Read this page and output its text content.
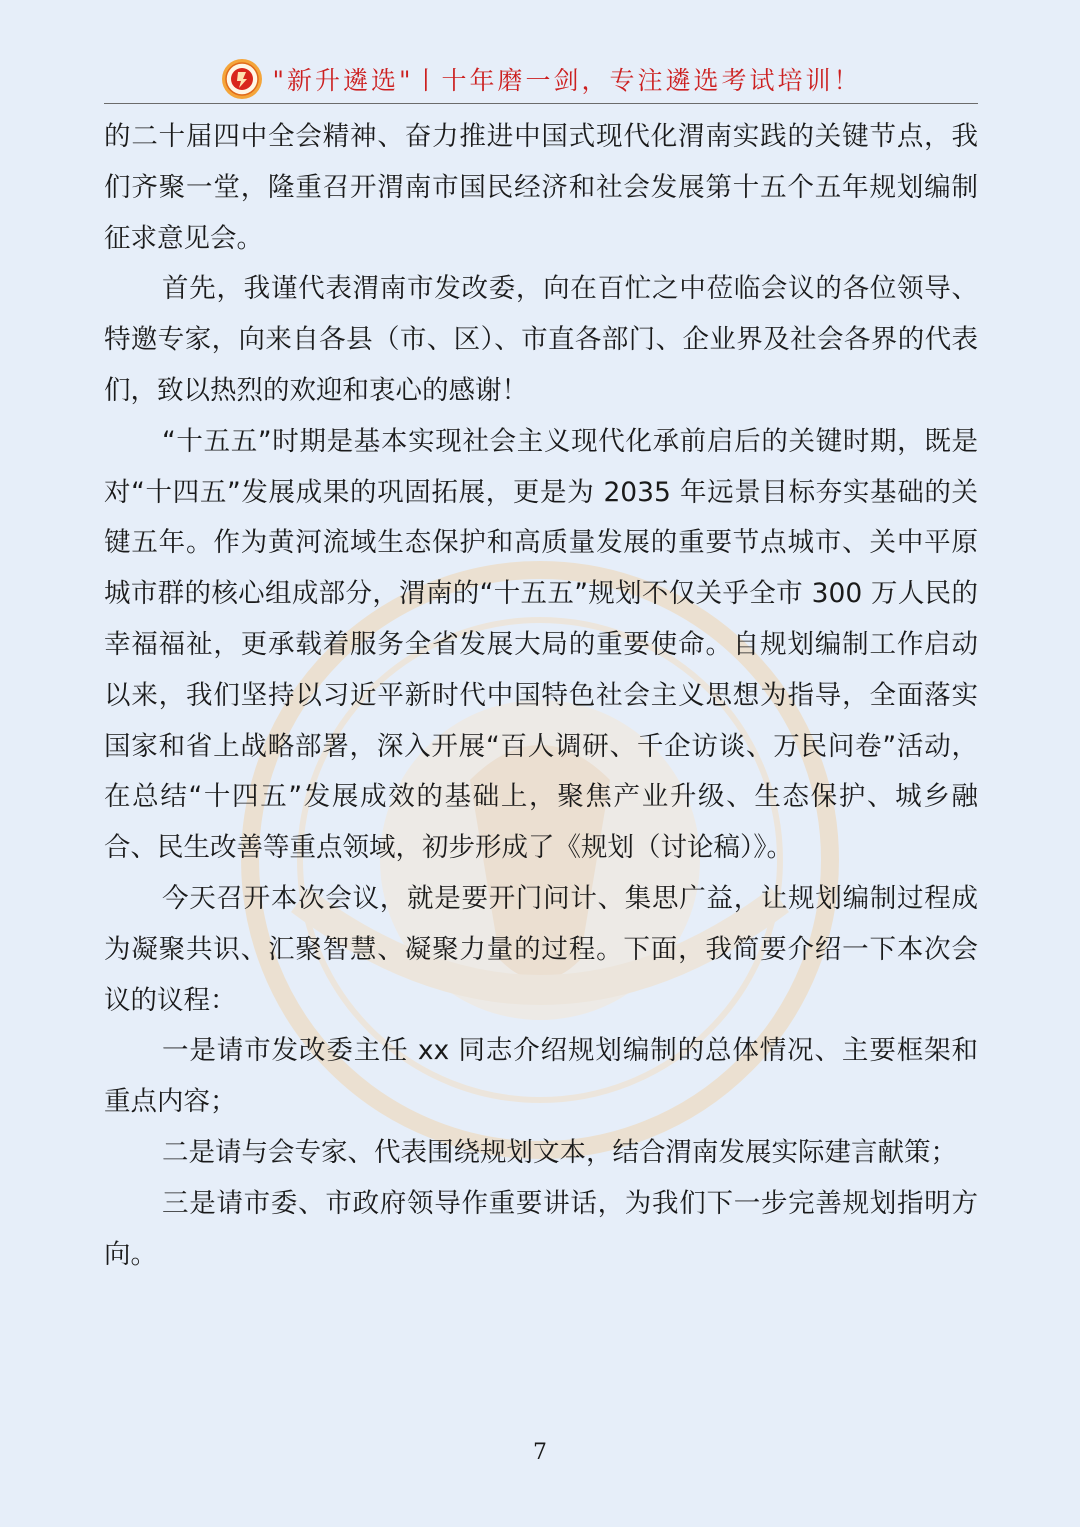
"新升遴选"丨十年磨一剑，专注遴选考试培训！

的二十届四中全会精神、奋力推进中国式现代化渭南实践的关键节点，我们齐聚一堂，隆重召开渭南市国民经济和社会发展第十五个五年规划编制征求意见会。

首先，我谨代表渭南市发改委，向在百忙之中莅临会议的各位领导、特邀专家，向来自各县（市、区）、市直各部门、企业界及社会各界的代表们，致以热烈的欢迎和衷心的感谢！

“十五五”时期是基本实现社会主义现代化承前启后的关键时期，既是对“十四五”发展成果的巩固拓展，更是为 2035 年远景目标夯实基础的关键五年。作为黄河流域生态保护和高质量发展的重要节点城市、关中平原城市群的核心组成部分，渭南的“十五五”规划不仅关乎全市 300 万人民的幸福福祉，更承载着服务全省发展大局的重要使命。自规划编制工作启动以来，我们坚持以习近平新时代中国特色社会主义思想为指导，全面落实国家和省上战略部署，深入开展“百人调研、千企访谈、万民问卷”活动，在总结“十四五”发展成效的基础上，聚焦产业升级、生态保护、城乡融合、民生改善等重点领域，初步形成了《规划（讨论稿）》。

今天召开本次会议，就是要开门问计、集思广益，让规划编制过程成为凝聚共识、汇聚智慧、凝聚力量的过程。下面，我简要介绍一下本次会议的议程：

一是请市发改委主任 xx 同志介绍规划编制的总体情况、主要框架和重点内容；

二是请与会专家、代表围绕规划文本，结合渭南发展实际建言献策；

三是请市委、市政府领导作重要讲话，为我们下一步完善规划指明方向。

7
